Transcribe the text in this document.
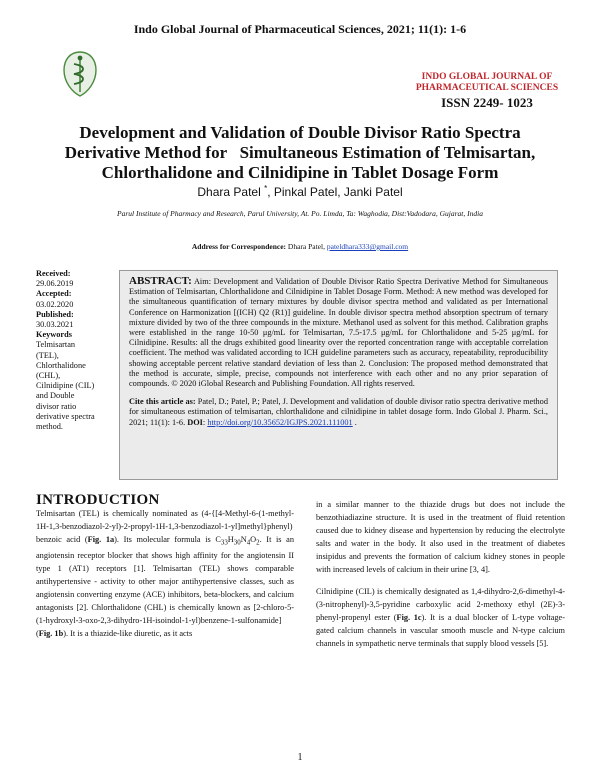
Indo Global Journal of Pharmaceutical Sciences, 2021; 11(1): 1-6
INDO GLOBAL JOURNAL OF
PHARMACEUTICAL SCIENCES
ISSN 2249- 1023
Development and Validation of Double Divisor Ratio Spectra
Derivative Method for   Simultaneous Estimation of Telmisartan,
Chlorthalidone and Cilnidipine in Tablet Dosage Form
Dhara Patel *, Pinkal Patel, Janki Patel
Parul Institute of Pharmacy and Research, Parul University, At. Po. Limda, Ta: Waghodia, Dist:Vadodara, Gujarat, India
Address for Correspondence: Dhara Patel, pateldhara333@gmail.com
Received:
29.06.2019
Accepted:
03.02.2020
Published:
30.03.2021
Keywords
Telmisartan
(TEL),
Chlorthalidone
(CHL),
Cilnidipine (CIL)
and Double
divisor ratio
derivative spectra
method.

ABSTRACT: Aim: Development and Validation of Double Divisor Ratio Spectra Derivative Method for Simultaneous Estimation of Telmisartan, Chlorthalidone and Cilnidipine in Tablet Dosage Form. Method: A new method was developed for the simultaneous quantification of ternary mixtures by double divisor spectra method and validated as per International Conference on Harmonization [(ICH) Q2 (R1)] guideline. In double divisor spectra method absorption spectrum of ternary mixture divided by two of the three compounds in the mixture. Methanol used as solvent for this method. Calibration graphs were established in the range 10-50 μg/mL for Telmisartan, 7.5-17.5 μg/mL for Chlorthalidone and 5-25 μg/mL for Cilnidipine. Results: all the drugs exhibited good linearity over the reported concentration range with acceptable correlation coefficient. The method was validated according to ICH guideline parameters such as accuracy, repeatability, reproducibility showing acceptable percent relative standard deviation of less than 2. Conclusion: The proposed method demonstrated that the method is accurate, simple, precise, compounds not interference with each other and no any prior separation of compounds. © 2020 iGlobal Research and Publishing Foundation. All rights reserved.

Cite this article as: Patel, D.; Patel, P.; Patel, J. Development and validation of double divisor ratio spectra derivative method for simultaneous estimation of telmisartan, chlorthalidone and cilnidipine in tablet dosage form. Indo Global J. Pharm. Sci., 2021; 11(1): 1-6. DOI: http://doi.org/10.35652/IGJPS.2021.111001 .

INTRODUCTION

Telmisartan (TEL) is chemically nominated as (4-{[4-Methyl-6-(1-methyl-1H-1,3-benzodiazol-2-yl)-2-propyl-1H-1,3-benzodiazol-1-yl]methyl}phenyl) benzoic acid (Fig. 1a). Its molecular formula is $C_{33}H_{30}N_4O_2$. It is an angiotensin receptor blocker that shows high affinity for the angiotensin II type 1 (AT1) receptors [1]. Telmisartan (TEL) shows comparable antihypertensive - activity to other major antihypertensive classes, such as angiotensin converting enzyme (ACE) inhibitors, beta-blockers, and calcium antagonists [2]. Chlorthalidone (CHL) is chemically known as [2-chloro-5-(1-hydroxyl-3-oxo-2,3-dihydro-1H-isoindol-1-yl)benzene-1-sulfonamide] (Fig. 1b). It is a thiazide-like diuretic, as it acts

in a similar manner to the thiazide drugs but does not include the benzothiadiazine structure. It is used in the treatment of fluid retention caused due to kidney disease and hypertension by reducing the electrolyte salts and water in the body. It also used in the treatment of diabetes insipidus and prevents the formation of calcium kidney stones in people with increased levels of calcium in their urine [3, 4].

Cilnidipine (CIL) is chemically designated as 1,4-dihydro-2,6-dimethyl-4-(3-nitrophenyl)-3,5-pyridine carboxylic acid 2-methoxy ethyl (2E)-3-phenyl-propenyl ester (Fig. 1c). It is a dual blocker of L-type voltage-gated calcium channels in vascular smooth muscle and N-type calcium channels in sympathetic nerve terminals that supply blood vessels [5].

1
